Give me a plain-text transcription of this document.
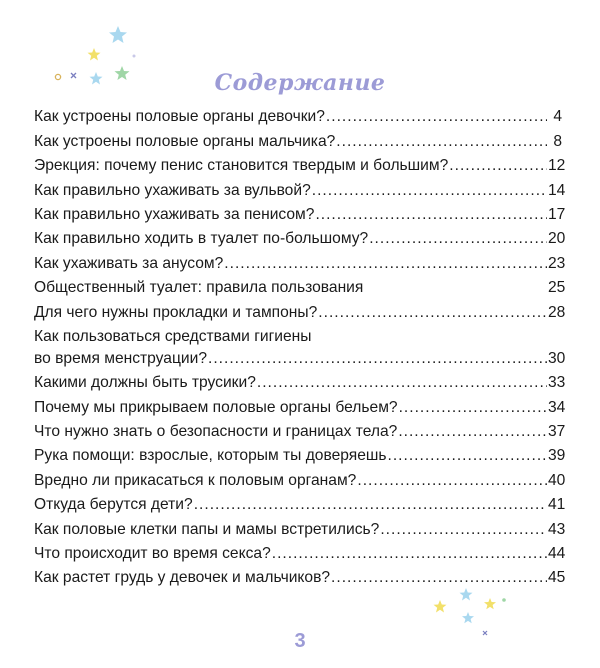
Содержание
Как устроены половые органы девочки? .....	4
Как устроены половые органы мальчика? .....	8
Эрекция: почему пенис становится твердым и большим? .....	12
Как правильно ухаживать за вульвой? .....	14
Как правильно ухаживать за пенисом? .....	17
Как правильно ходить в туалет по-большому? .....	20
Как ухаживать за анусом? .....	23
Общественный туалет: правила пользования	25
Для чего нужны прокладки и тампоны? .....	28
Как пользоваться средствами гигиены
во время менструации? .....	30
Какими должны быть трусики? .....	33
Почему мы прикрываем половые органы бельем? .....	34
Что нужно знать о безопасности и границах тела? .....	37
Рука помощи: взрослые, которым ты доверяешь .....	39
Вредно ли прикасаться к половым органам? .....	40
Откуда берутся дети? .....	41
Как половые клетки папы и мамы встретились? .....	43
Что происходит во время секса? .....	44
Как растет грудь у девочек и мальчиков? .....	45
3
